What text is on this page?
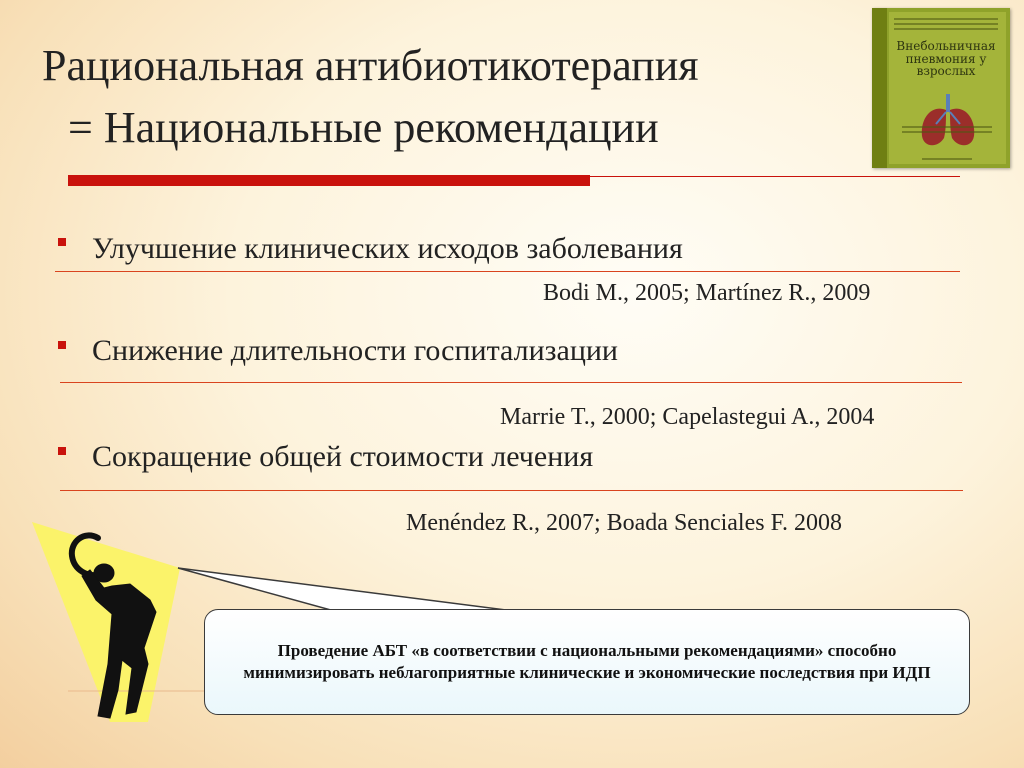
Рациональная антибиотикотерапия
= Национальные рекомендации
Внебольничная пневмония у взрослых
Улучшение клинических исходов заболевания
Bodi M., 2005; Martínez R., 2009
Снижение длительности госпитализации
Marrie T., 2000; Capelastegui A., 2004
Сокращение общей стоимости лечения
Menéndez R., 2007; Boada Senciales F. 2008
Проведение АБТ «в соответствии с национальными рекомендациями» способно минимизировать неблагоприятные клинические и экономические последствия при ИДП
